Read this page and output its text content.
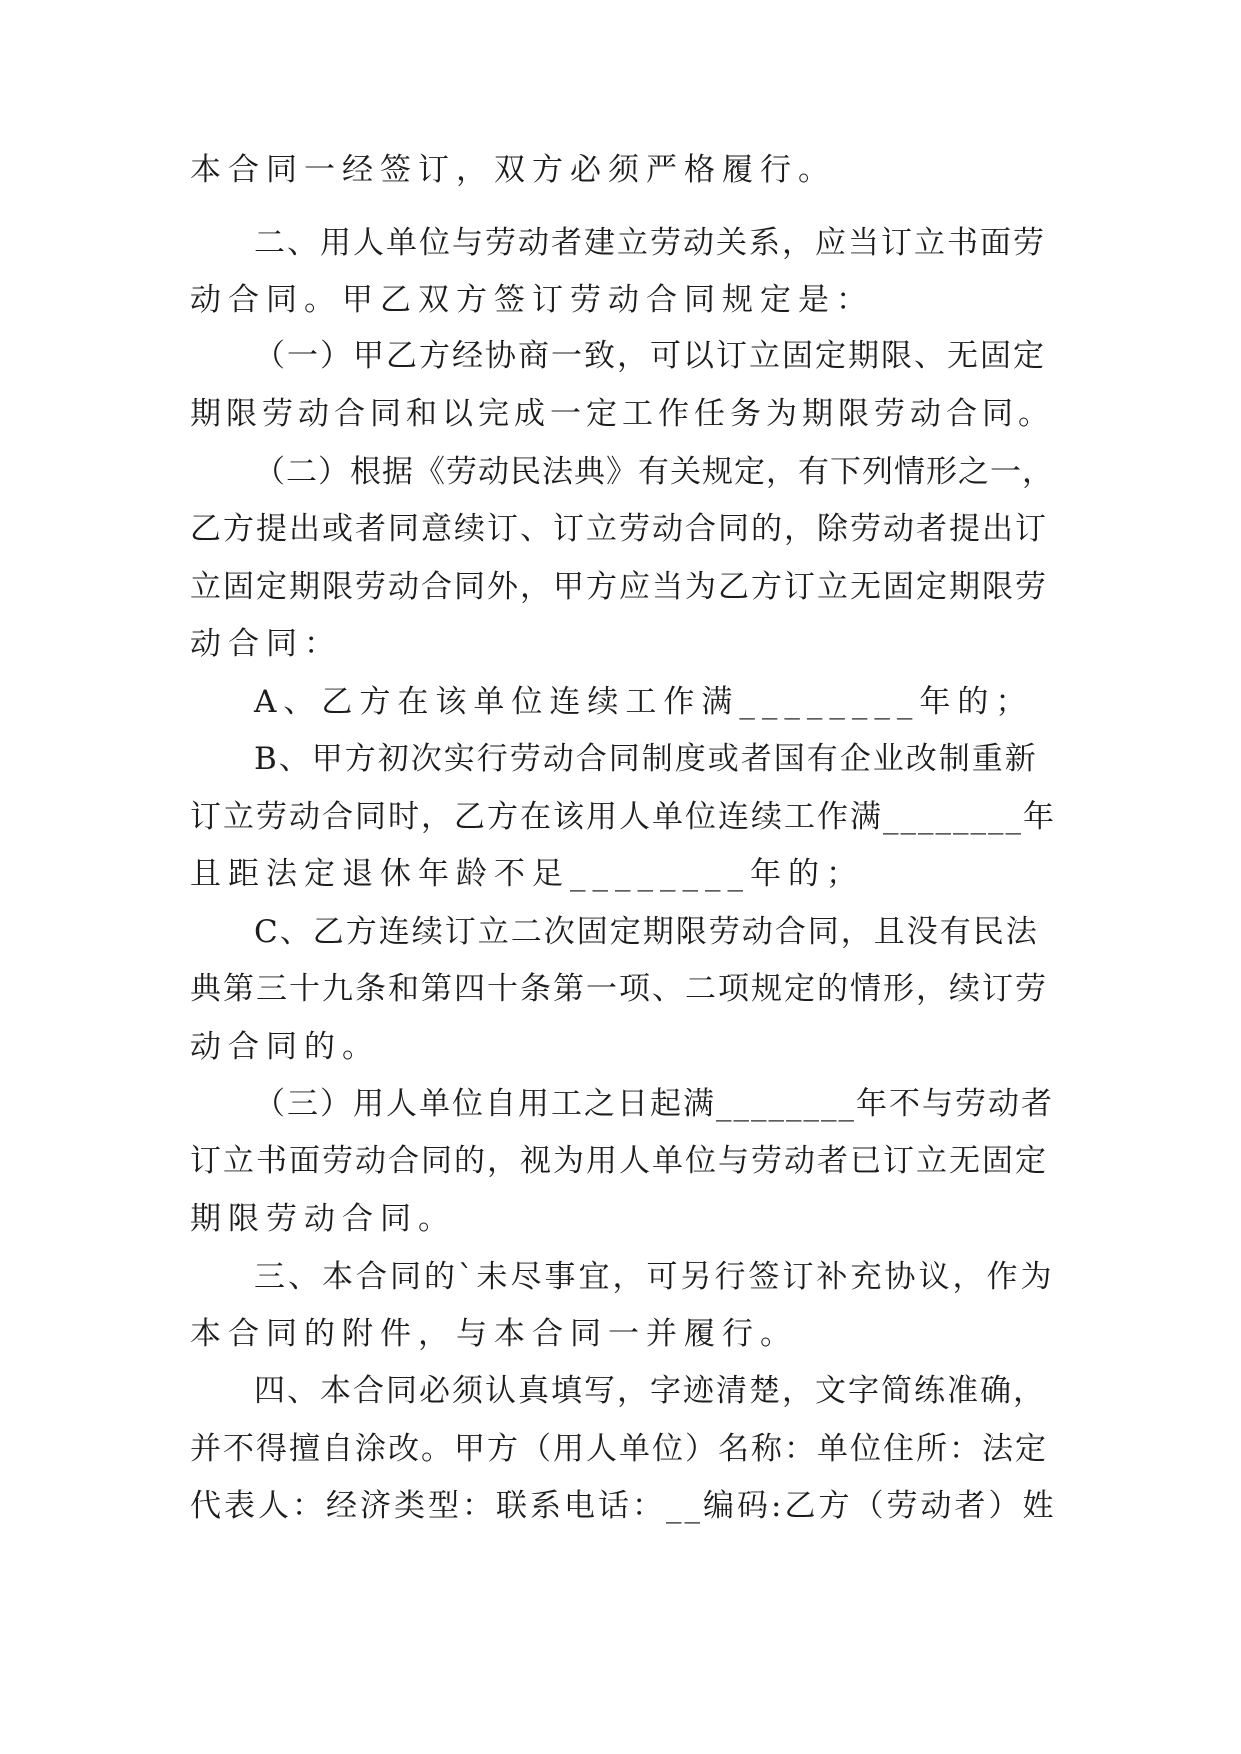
本合同一经签订，双方必须严格履行。
二、用人单位与劳动者建立劳动关系，应当订立书面劳
动合同。甲乙双方签订劳动合同规定是：
（一）甲乙方经协商一致，可以订立固定期限、无固定
期限劳动合同和以完成一定工作任务为期限劳动合同。
（二）根据《劳动民法典》有关规定，有下列情形之一，
乙方提出或者同意续订、订立劳动合同的，除劳动者提出订
立固定期限劳动合同外，甲方应当为乙方订立无固定期限劳
动合同：
A、乙方在该单位连续工作满________年的；
B、甲方初次实行劳动合同制度或者国有企业改制重新
订立劳动合同时，乙方在该用人单位连续工作满________年
且距法定退休年龄不足________年的；
C、乙方连续订立二次固定期限劳动合同，且没有民法
典第三十九条和第四十条第一项、二项规定的情形，续订劳
动合同的。
（三）用人单位自用工之日起满________年不与劳动者
订立书面劳动合同的，视为用人单位与劳动者已订立无固定
期限劳动合同。
三、本合同的`未尽事宜，可另行签订补充协议，作为
本合同的附件，与本合同一并履行。
四、本合同必须认真填写，字迹清楚，文字简练准确，
并不得擅自涂改。甲方（用人单位）名称：单位住所：法定
代表人：经济类型：联系电话：__编码:乙方（劳动者）姓
